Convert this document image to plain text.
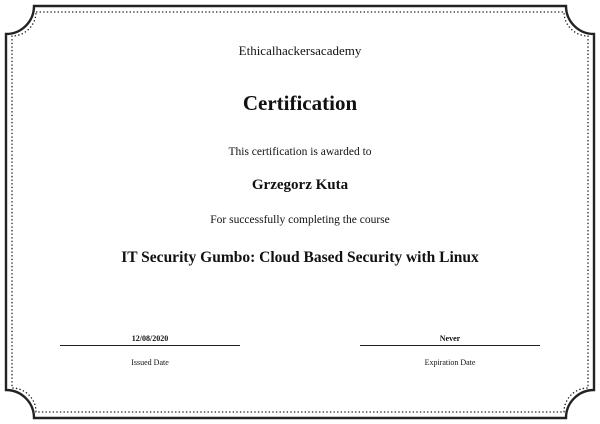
Ethicalhackersacademy
Certification
This certification is awarded to
Grzegorz Kuta
For successfully completing the course
IT Security Gumbo: Cloud Based Security with Linux
12/08/2020
Issued Date
Never
Expiration Date
